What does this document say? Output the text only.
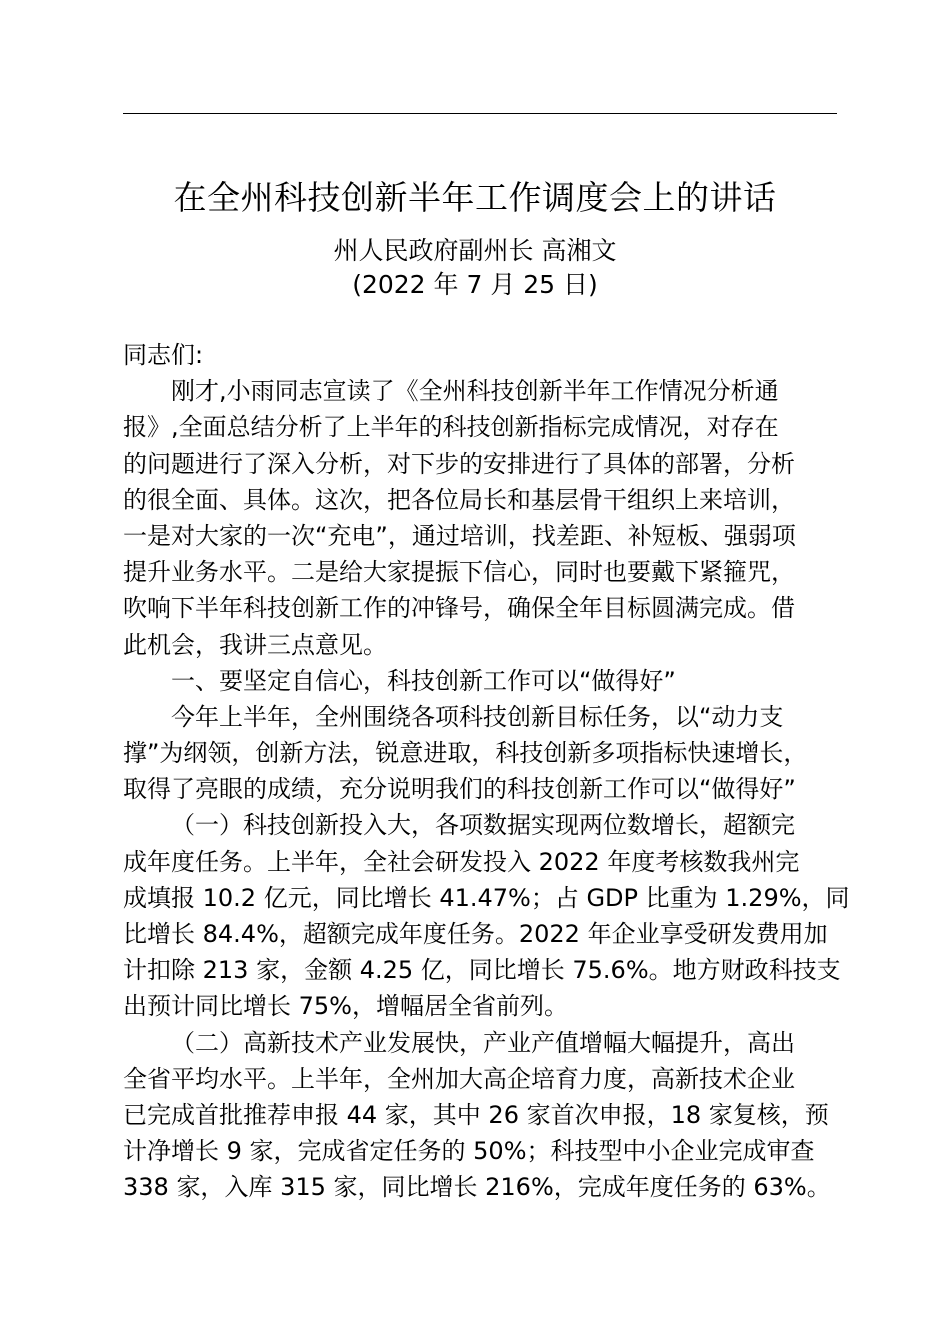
在全州科技创新半年工作调度会上的讲话
州人民政府副州长 高湘文
(2022 年 7 月 25 日)
同志们:
刚才,小雨同志宣读了《全州科技创新半年工作情况分析通
报》,全面总结分析了上半年的科技创新指标完成情况，对存在
的问题进行了深入分析，对下步的安排进行了具体的部署，分析
的很全面、具体。这次，把各位局长和基层骨干组织上来培训，
一是对大家的一次“充电”，通过培训，找差距、补短板、强弱项
提升业务水平。二是给大家提振下信心，同时也要戴下紧箍咒，
吹响下半年科技创新工作的冲锋号，确保全年目标圆满完成。借
此机会，我讲三点意见。
一、要坚定自信心，科技创新工作可以“做得好”
今年上半年，全州围绕各项科技创新目标任务，以“动力支
撑”为纲领，创新方法，锐意进取，科技创新多项指标快速增长，
取得了亮眼的成绩，充分说明我们的科技创新工作可以“做得好”
（一）科技创新投入大，各项数据实现两位数增长，超额完
成年度任务。上半年，全社会研发投入 2022 年度考核数我州完
成填报 10.2 亿元，同比增长 41.47%；占 GDP 比重为 1.29%，同
比增长 84.4%，超额完成年度任务。2022 年企业享受研发费用加
计扣除 213 家，金额 4.25 亿，同比增长 75.6%。地方财政科技支
出预计同比增长 75%，增幅居全省前列。
（二）高新技术产业发展快，产业产值增幅大幅提升，高出
全省平均水平。上半年，全州加大高企培育力度，高新技术企业
已完成首批推荐申报 44 家，其中 26 家首次申报，18 家复核，预
计净增长 9 家，完成省定任务的 50%；科技型中小企业完成审查
338 家，入库 315 家，同比增长 216%，完成年度任务的 63%。
